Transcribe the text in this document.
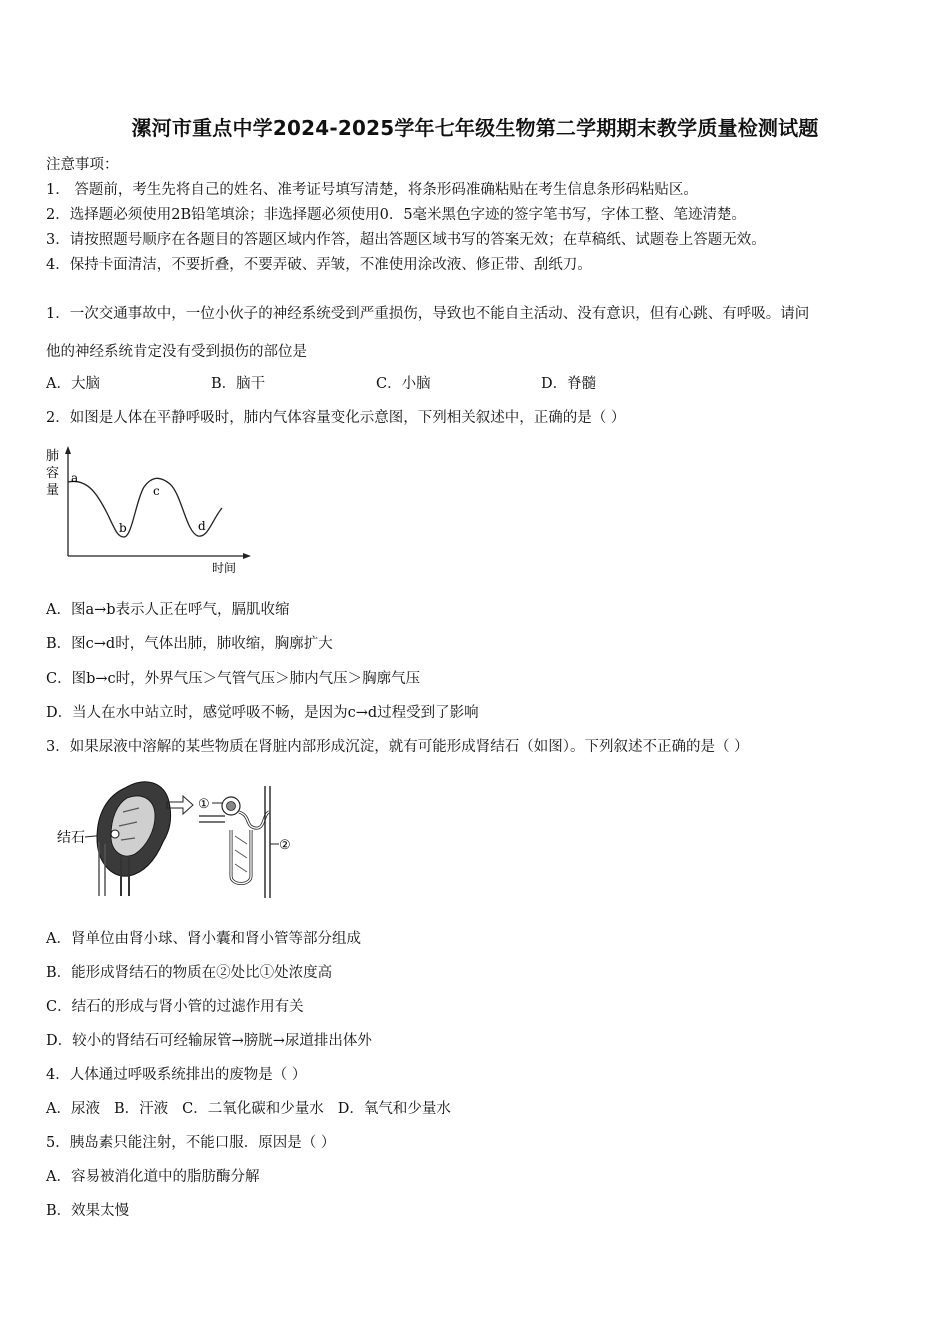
漯河市重点中学2024-2025学年七年级生物第二学期期末教学质量检测试题
注意事项：
1． 答题前，考生先将自己的姓名、准考证号填写清楚，将条形码准确粘贴在考生信息条形码粘贴区。
2．选择题必须使用2B铅笔填涂；非选择题必须使用0．5毫米黑色字迹的签字笔书写，字体工整、笔迹清楚。
3．请按照题号顺序在各题目的答题区域内作答，超出答题区域书写的答案无效；在草稿纸、试题卷上答题无效。
4．保持卡面清洁，不要折叠，不要弄破、弄皱，不准使用涂改液、修正带、刮纸刀。
1．一次交通事故中，一位小伙子的神经系统受到严重损伤，导致也不能自主活动、没有意识，但有心跳、有呼吸。请问
他的神经系统肯定没有受到损伤的部位是
A．大脑	B．脑干	C．小脑	D．脊髓
2．如图是人体在平静呼吸时，肺内气体容量变化示意图，下列相关叙述中，正确的是（ ）
肺
容
量
时间
a
b
c
d
A．图a→b表示人正在呼气，膈肌收缩
B．图c→d时，气体出肺，肺收缩，胸廓扩大
C．图b→c时，外界气压＞气管气压＞肺内气压＞胸廓气压
D．当人在水中站立时，感觉呼吸不畅，是因为c→d过程受到了影响
3．如果尿液中溶解的某些物质在肾脏内部形成沉淀，就有可能形成肾结石（如图）。下列叙述不正确的是（ ）
结石
①
②
A．肾单位由肾小球、肾小囊和肾小管等部分组成
B．能形成肾结石的物质在②处比①处浓度高
C．结石的形成与肾小管的过滤作用有关
D．较小的肾结石可经输尿管→膀胱→尿道排出体外
4．人体通过呼吸系统排出的废物是（ ）
A．尿液 B．汗液 C．二氧化碳和少量水 D．氧气和少量水
5．胰岛素只能注射，不能口服．原因是（ ）
A．容易被消化道中的脂肪酶分解
B．效果太慢
